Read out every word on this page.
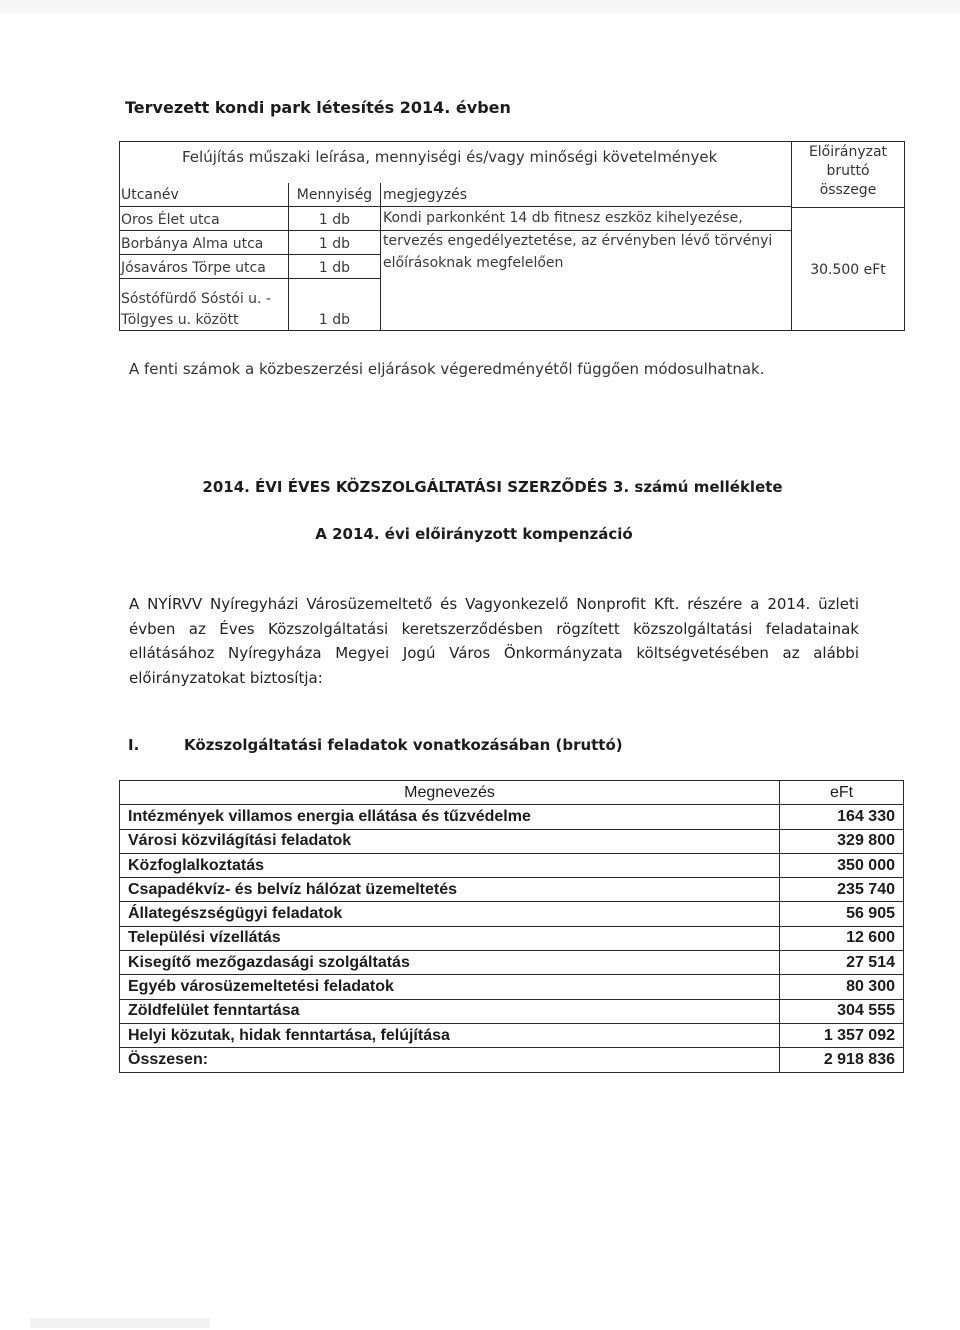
Tervezett kondi park létesítés 2014. évben
Felújítás műszaki leírása, mennyiségi és/vagy minőségi követelmények	Előirányzat
bruttó
összege
Utcanév	Mennyiség megjegyzés
Oros Élet utca	1 db
Borbánya Alma utca	1 db
Jósaváros Törpe utca	1 db
Sóstófürdő Sóstói u. -
Tölgyes u. között	1 db
Kondi parkonként 14 db fitnesz eszköz kihelyezése,
tervezés engedélyeztetése, az érvényben lévő törvényi
előírásoknak megfelelően	30.500 eFt
A fenti számok a közbeszerzési eljárások végeredményétől függően módosulhatnak.
2014. ÉVI ÉVES KÖZSZOLGÁLTATÁSI SZERZŐDÉS 3. számú melléklete
A 2014. évi előirányzott kompenzáció
A NYÍRVV Nyíregyházi Városüzemeltető és Vagyonkezelő Nonprofit Kft. részére a 2014. üzleti évben az Éves Közszolgáltatási keretszerződésben rögzített közszolgáltatási feladatainak ellátásához Nyíregyháza Megyei Jogú Város Önkormányzata költségvetésében az alábbi előirányzatokat biztosítja:
I.	Közszolgáltatási feladatok vonatkozásában (bruttó)
Megnevezés	eFt
Intézmények villamos energia ellátása és tűzvédelme	164 330
Városi közvilágítási feladatok	329 800
Közfoglalkoztatás	350 000
Csapadékvíz- és belvíz hálózat üzemeltetés	235 740
Állategészségügyi feladatok	56 905
Települési vízellátás	12 600
Kisegítő mezőgazdasági szolgáltatás	27 514
Egyéb városüzemeltetési feladatok	80 300
Zöldfelület fenntartása	304 555
Helyi közutak, hidak fenntartása, felújítása	1 357 092
Összesen:	2 918 836
